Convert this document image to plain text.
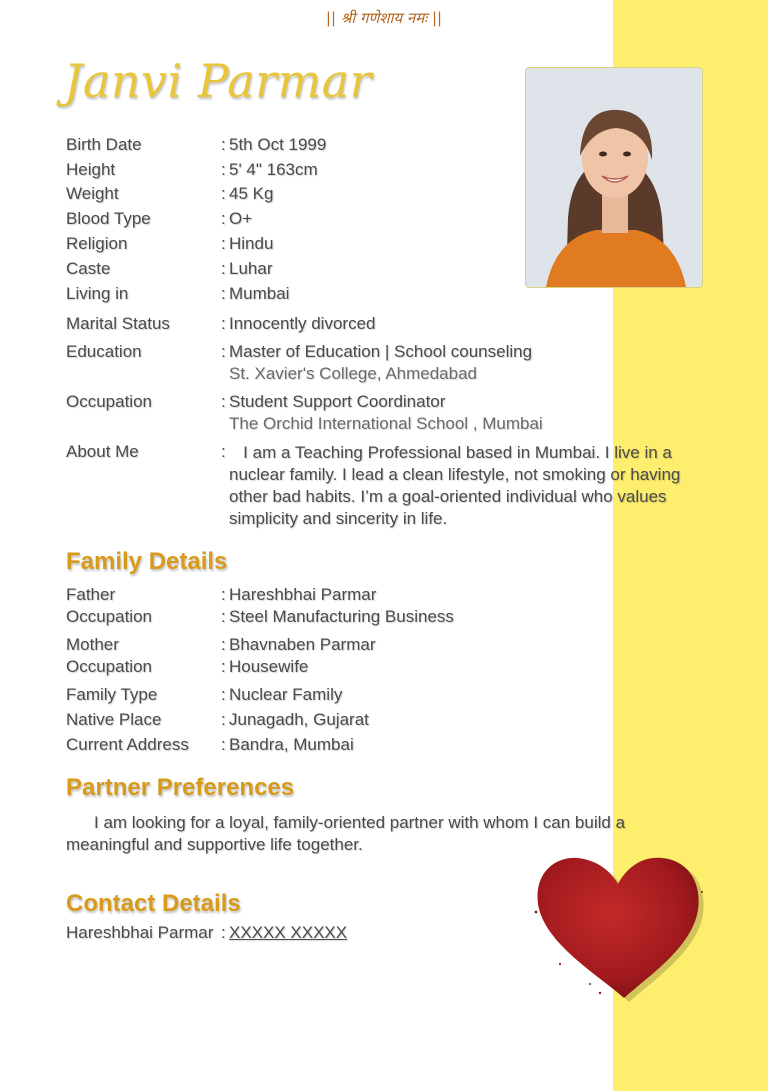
|| श्री गणेशाय नमः ||
Janvi Parmar
Birth Date	: 5th Oct 1999
Height	: 5' 4" 163cm
Weight	: 45 Kg
Blood Type	: O+
Religion	: Hindu
Caste	: Luhar
Living in	: Mumbai
Marital Status	: Innocently divorced
Education	: Master of Education | School counseling
St. Xavier's College, Ahmedabad
Occupation	: Student Support Coordinator
The Orchid International School , Mumbai
About Me	: I am a Teaching Professional based in Mumbai. I live in a
nuclear family. I lead a clean lifestyle, not smoking or having
other bad habits. I’m a goal-oriented individual who values
simplicity and sincerity in life.
Family Details
Father	: Hareshbhai Parmar
Occupation	: Steel Manufacturing Business
Mother	: Bhavnaben Parmar
Occupation	: Housewife
Family Type	: Nuclear Family
Native Place	: Junagadh, Gujarat
Current Address : Bandra, Mumbai
Partner Preferences
I am looking for a loyal, family-oriented partner with whom I can build a
meaningful and supportive life together.
Contact Details
Hareshbhai Parmar : XXXXX XXXXX
